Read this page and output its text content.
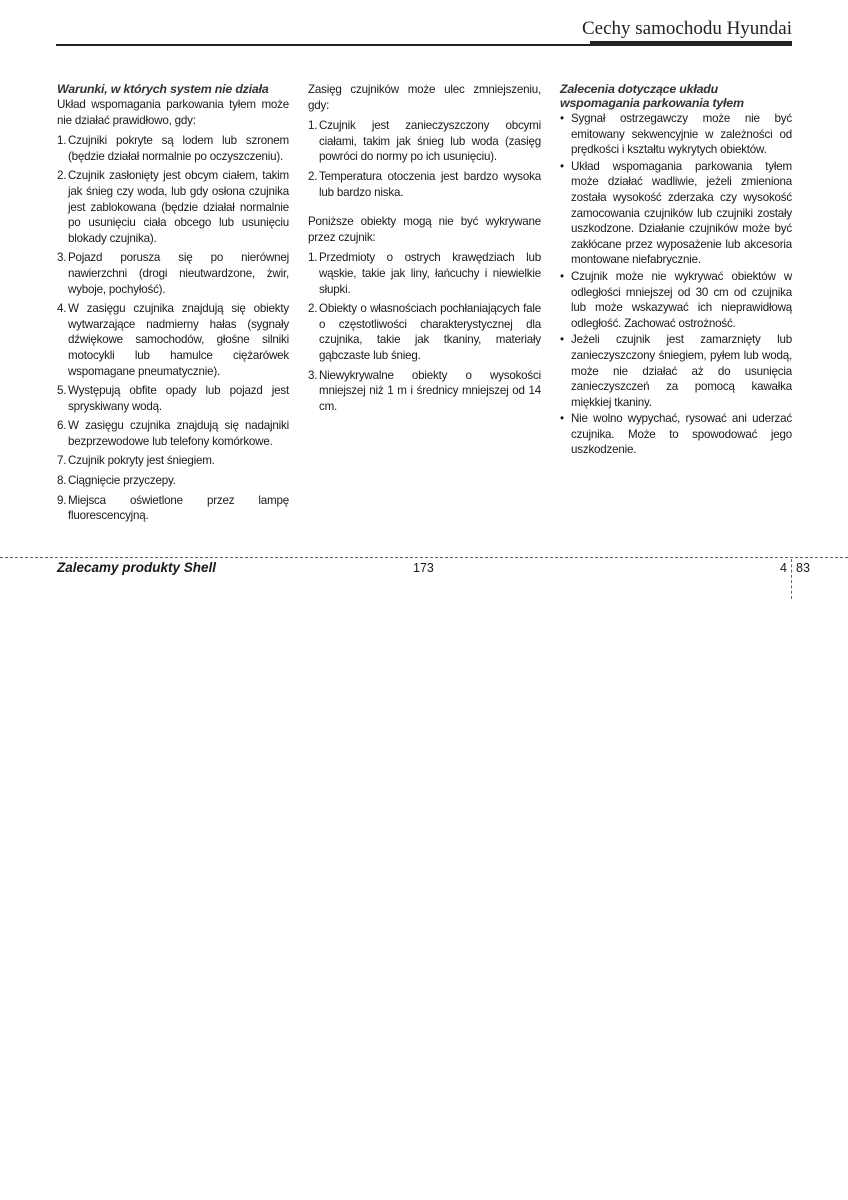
Cechy samochodu Hyundai
Warunki, w których system nie działa

Układ wspomagania parkowania tyłem może nie działać prawidłowo, gdy:

1. Czujniki pokryte są lodem lub szronem (będzie działał normalnie po oczyszczeniu).
2. Czujnik zasłonięty jest obcym ciałem, takim jak śnieg czy woda, lub gdy osłona czujnika jest zablokowana (będzie działał normalnie po usunięciu ciała obcego lub usunięciu blokady czujnika).
3. Pojazd porusza się po nierównej nawierzchni (drogi nieutwardzone, żwir, wyboje, pochyłość).
4. W zasięgu czujnika znajdują się obiekty wytwarzające nadmierny hałas (sygnały dźwiękowe samochodów, głośne silniki motocykli lub hamulce ciężarówek wspomagane pneumatycznie).
5. Występują obfite opady lub pojazd jest spryskiwany wodą.
6. W zasięgu czujnika znajdują się nadajniki bezprzewodowe lub telefony komórkowe.
7. Czujnik pokryty jest śniegiem.
8. Ciągnięcie przyczepy.
9. Miejsca oświetlone przez lampę fluorescencyjną.

Zasięg czujników może ulec zmniejszeniu, gdy:

1. Czujnik jest zanieczyszczony obcymi ciałami, takim jak śnieg lub woda (zasięg powróci do normy po ich usunięciu).
2. Temperatura otoczenia jest bardzo wysoka lub bardzo niska.

Poniższe obiekty mogą nie być wykrywane przez czujnik:

1. Przedmioty o ostrych krawędziach lub wąskie, takie jak liny, łańcuchy i niewielkie słupki.
2. Obiekty o własnościach pochłaniających fale o częstotliwości charakterystycznej dla czujnika, takie jak tkaniny, materiały gąbczaste lub śnieg.
3. Niewykrywalne obiekty o wysokości mniejszej niż 1 m i średnicy mniejszej od 14 cm.
Zalecenia dotyczące układu wspomagania parkowania tyłem
• Sygnał ostrzegawczy może nie być emitowany sekwencyjnie w zależności od prędkości i kształtu wykrytych obiektów.
• Układ wspomagania parkowania tyłem może działać wadliwie, jeżeli zmieniona została wysokość zderzaka czy wysokość zamocowania czujników lub czujniki zostały uszkodzone. Działanie czujników może być zakłócane przez wyposażenie lub akcesoria montowane niefabrycznie.
• Czujnik może nie wykrywać obiektów w odległości mniejszej od 30 cm od czujnika lub może wskazywać ich nieprawidłową odległość. Zachować ostrożność.
• Jeżeli czujnik jest zamarznięty lub zanieczyszczony śniegiem, pyłem lub wodą, może nie działać aż do usunięcia zanieczyszczeń za pomocą kawałka miękkiej tkaniny.
• Nie wolno wypychać, rysować ani uderzać czujnika. Może to spowodować jego uszkodzenie.
Zalecamy produkty Shell	173	4 83
